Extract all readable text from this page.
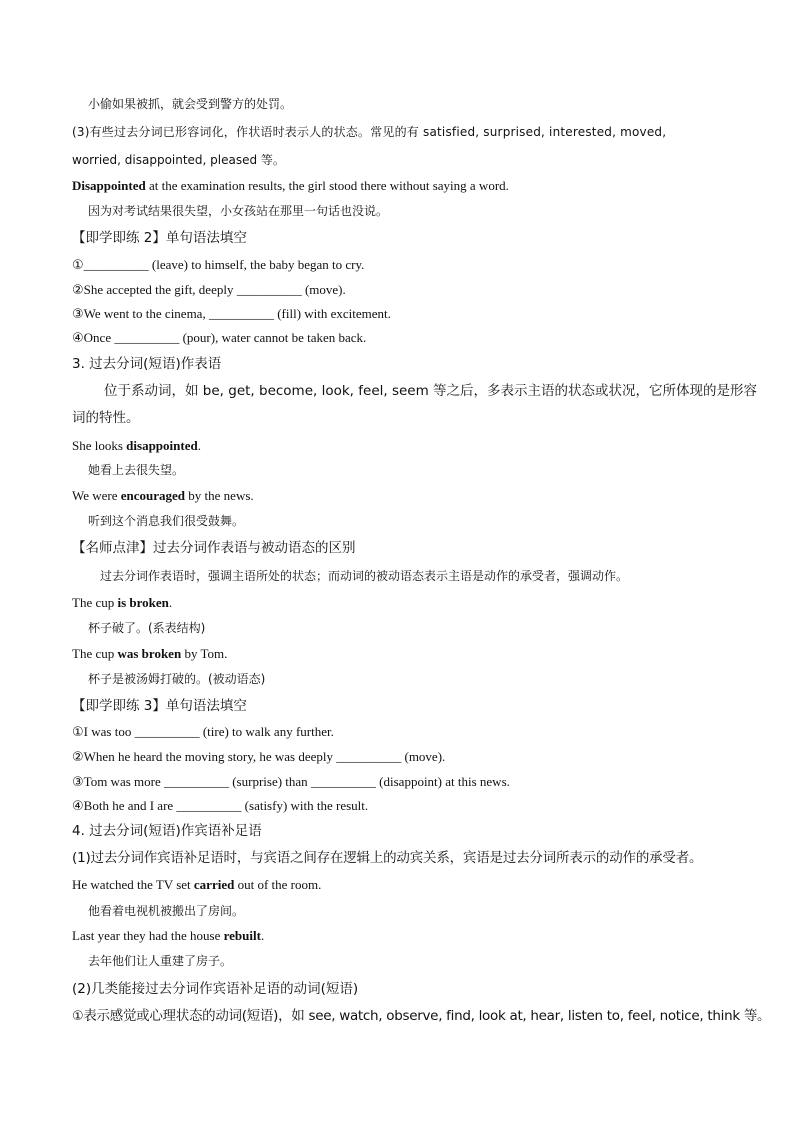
小偷如果被抓，就会受到警方的处罚。
(3)有些过去分词已形容词化，作状语时表示人的状态。常见的有 satisfied, surprised, interested, moved,
worried, disappointed, pleased 等。
Disappointed at the examination results, the girl stood there without saying a word.
因为对考试结果很失望，小女孩站在那里一句话也没说。
【即学即练 2】单句语法填空
①__________ (leave) to himself, the baby began to cry.
②She accepted the gift, deeply __________ (move).
③We went to the cinema, __________ (fill) with excitement.
④Once __________ (pour), water cannot be taken back.
3. 过去分词(短语)作表语
位于系动词，如 be, get, become, look, feel, seem 等之后，多表示主语的状态或状况，它所体现的是形容
词的特性。
She looks disappointed.
她看上去很失望。
We were encouraged by the news.
听到这个消息我们很受鼓舞。
【名师点津】过去分词作表语与被动语态的区别
过去分词作表语时，强调主语所处的状态；而动词的被动语态表示主语是动作的承受者，强调动作。
The cup is broken.
杯子破了。(系表结构)
The cup was broken by Tom.
杯子是被汤姆打破的。(被动语态)
【即学即练 3】单句语法填空
①I was too __________ (tire) to walk any further.
②When he heard the moving story, he was deeply __________ (move).
③Tom was more __________ (surprise) than __________ (disappoint) at this news.
④Both he and I are __________ (satisfy) with the result.
4. 过去分词(短语)作宾语补足语
(1)过去分词作宾语补足语时，与宾语之间存在逻辑上的动宾关系，宾语是过去分词所表示的动作的承受者。
He watched the TV set carried out of the room.
他看着电视机被搬出了房间。
Last year they had the house rebuilt.
去年他们让人重建了房子。
(2)几类能接过去分词作宾语补足语的动词(短语)
①表示感觉或心理状态的动词(短语)，如 see, watch, observe, find, look at, hear, listen to, feel, notice, think 等。
